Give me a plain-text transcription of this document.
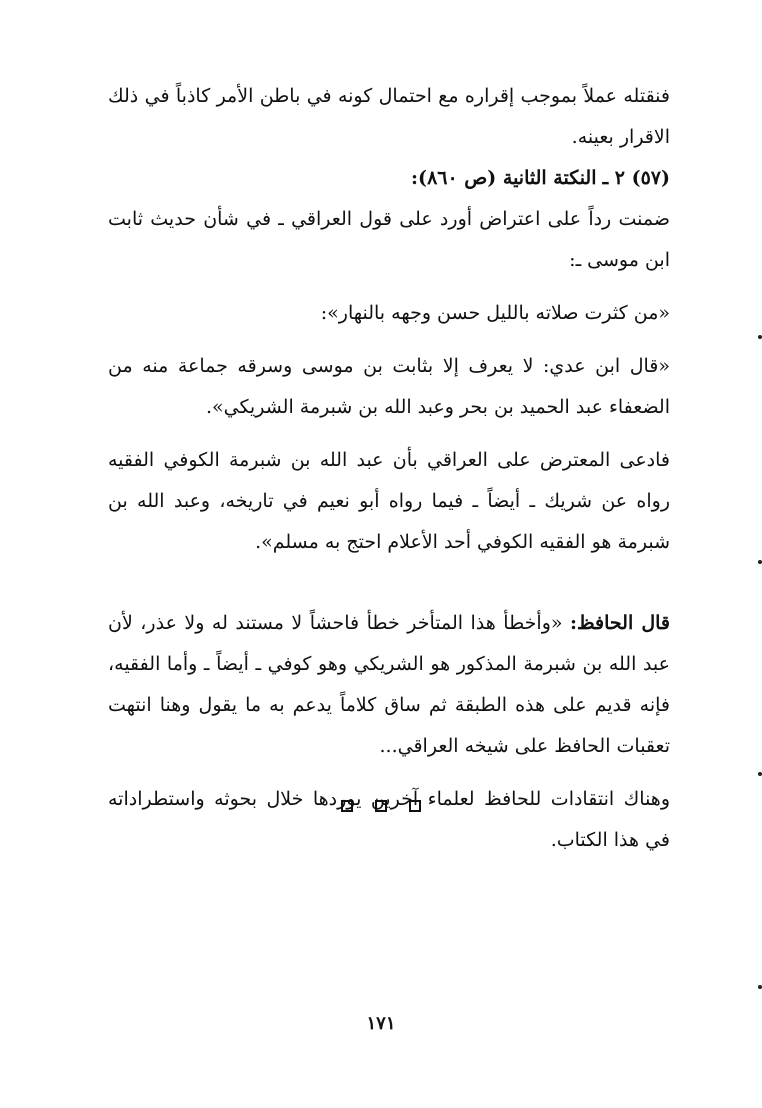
فنقتله عملاً بموجب إقراره مع احتمال كونه في باطن الأمر كاذباً في ذلك الاقرار بعينه.

(٥٧) ٢ ـ النكتة الثانية (ص ٨٦٠):

ضمنت رداً على اعتراض أورد على قول العراقي ـ في شأن حديث ثابت ابن موسى ـ:

«من كثرت صلاته بالليل حسن وجهه بالنهار»:

«قال ابن عدي: لا يعرف إلا بثابت بن موسى وسرقه جماعة منه من الضعفاء عبد الحميد بن بحر وعبد الله بن شبرمة الشريكي».

فادعى المعترض على العراقي بأن عبد الله بن شبرمة الكوفي الفقيه رواه عن شريك ـ أيضاً ـ فيما رواه أبو نعيم في تاريخه، وعبد الله بن شبرمة هو الفقيه الكوفي أحد الأعلام احتج به مسلم».

قال الحافظ: «وأخطأ هذا المتأخر خطأ فاحشاً لا مستند له ولا عذر، لأن عبد الله بن شبرمة المذكور هو الشريكي وهو كوفي ـ أيضاً ـ وأما الفقيه، فإنه قديم على هذه الطبقة ثم ساق كلاماً يدعم به ما يقول وهنا انتهت تعقبات الحافظ على شيخه العراقي...

وهناك انتقادات للحافظ لعلماء آخرين يوردها خلال بحوثه واستطراداته في هذا الكتاب.

١٧١
